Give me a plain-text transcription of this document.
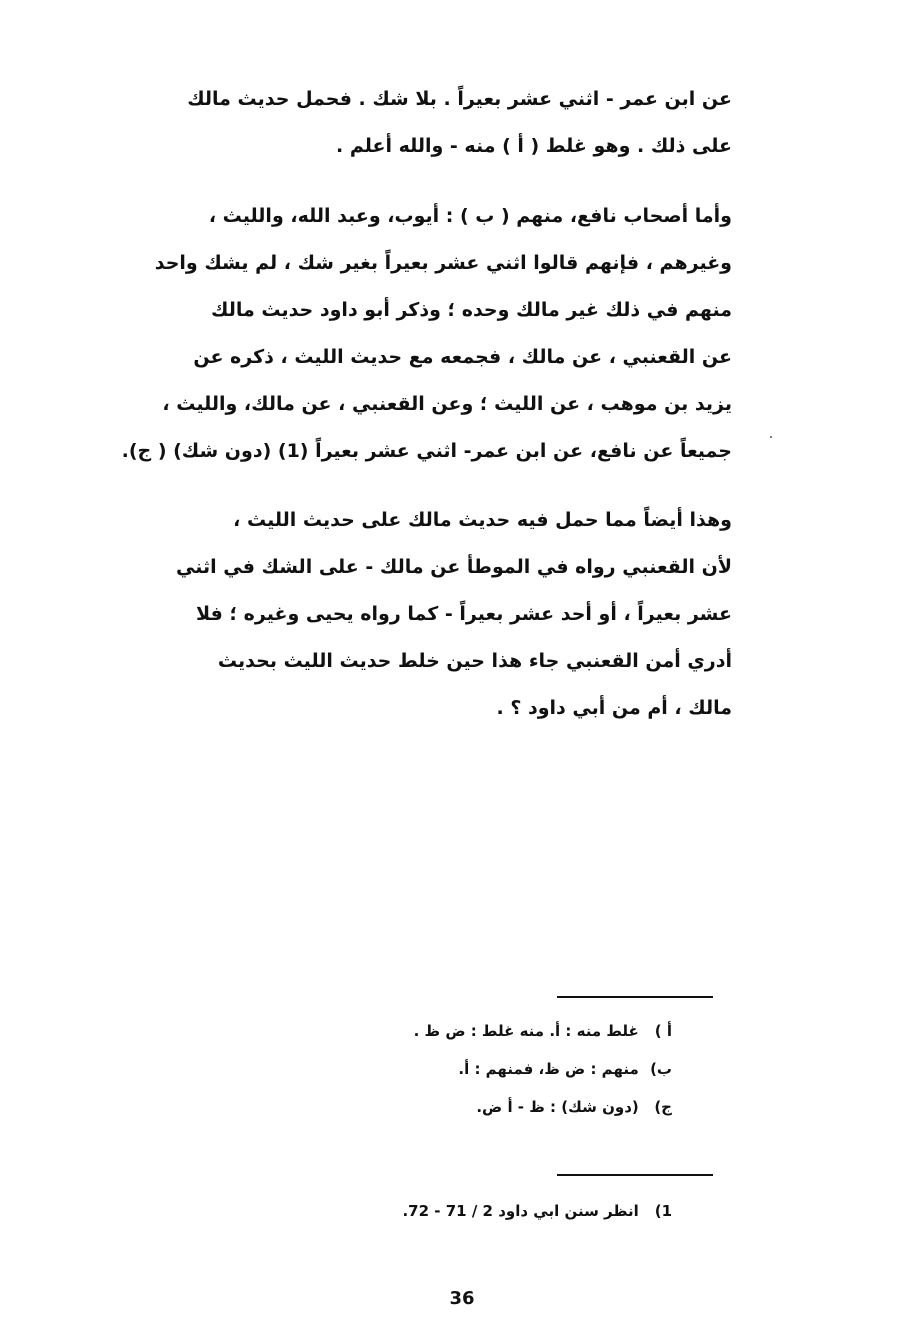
عن ابن عمر - اثني عشر بعيراً . بلا شك . فحمل حديث مالك
على ذلك . وهو غلط ( أ ) منه - والله أعلم .
وأما أصحاب نافع، منهم ( ب ) : أيوب، وعبد الله، والليث ،
وغيرهم ، فإنهم قالوا اثني عشر بعيراً بغير شك ، لم يشك واحد
منهم في ذلك غير مالك وحده ؛ وذكر أبو داود حديث مالك
عن القعنبي ، عن مالك ، فجمعه مع حديث الليث ، ذكره عن
يزيد بن موهب ، عن الليث ؛ وعن القعنبي ، عن مالك، والليث ،
جميعاً عن نافع، عن ابن عمر- اثني عشر بعيراً (1) (دون شك) ( ج).
وهذا أيضاً مما حمل فيه حديث مالك على حديث الليث ،
لأن القعنبي رواه في الموطأ عن مالك - على الشك في اثني
عشر بعيراً ، أو أحد عشر بعيراً - كما رواه يحيى وغيره ؛ فلا
أدري أمن القعنبي جاء هذا حين خلط حديث الليث بحديث
مالك ، أم من أبي داود ؟ .
أ ) غلط منه : أ. منه غلط : ض ظ .
ب) منهم : ض ظ، فمنهم : أ.
ج) (دون شك) : ظ - أ ض.
1) انظر سنن ابي داود 2 / 71 - 72.
36
